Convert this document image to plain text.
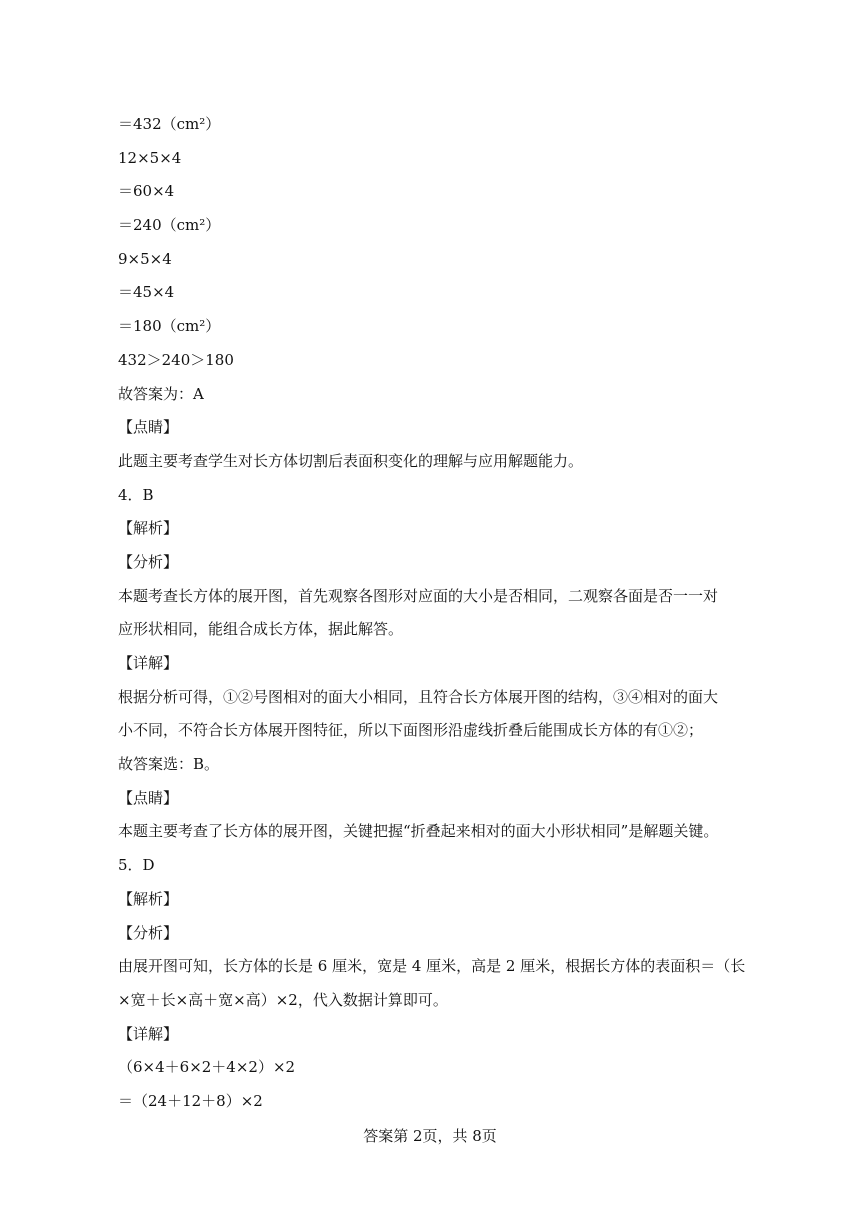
＝432（cm²）
12×5×4
＝60×4
＝240（cm²）
9×5×4
＝45×4
＝180（cm²）
432＞240＞180
故答案为：A
【点睛】
此题主要考查学生对长方体切割后表面积变化的理解与应用解题能力。
4．B
【解析】
【分析】
本题考查长方体的展开图，首先观察各图形对应面的大小是否相同，二观察各面是否一一对
应形状相同，能组合成长方体，据此解答。
【详解】
根据分析可得，①②号图相对的面大小相同，且符合长方体展开图的结构，③④相对的面大
小不同，不符合长方体展开图特征，所以下面图形沿虚线折叠后能围成长方体的有①②；
故答案选：B。
【点睛】
本题主要考查了长方体的展开图，关键把握“折叠起来相对的面大小形状相同”是解题关键。
5．D
【解析】
【分析】
由展开图可知，长方体的长是 6 厘米，宽是 4 厘米，高是 2 厘米，根据长方体的表面积＝（长
×宽＋长×高＋宽×高）×2，代入数据计算即可。
【详解】
（6×4＋6×2＋4×2）×2
＝（24＋12＋8）×2
答案第 2页，共 8页
